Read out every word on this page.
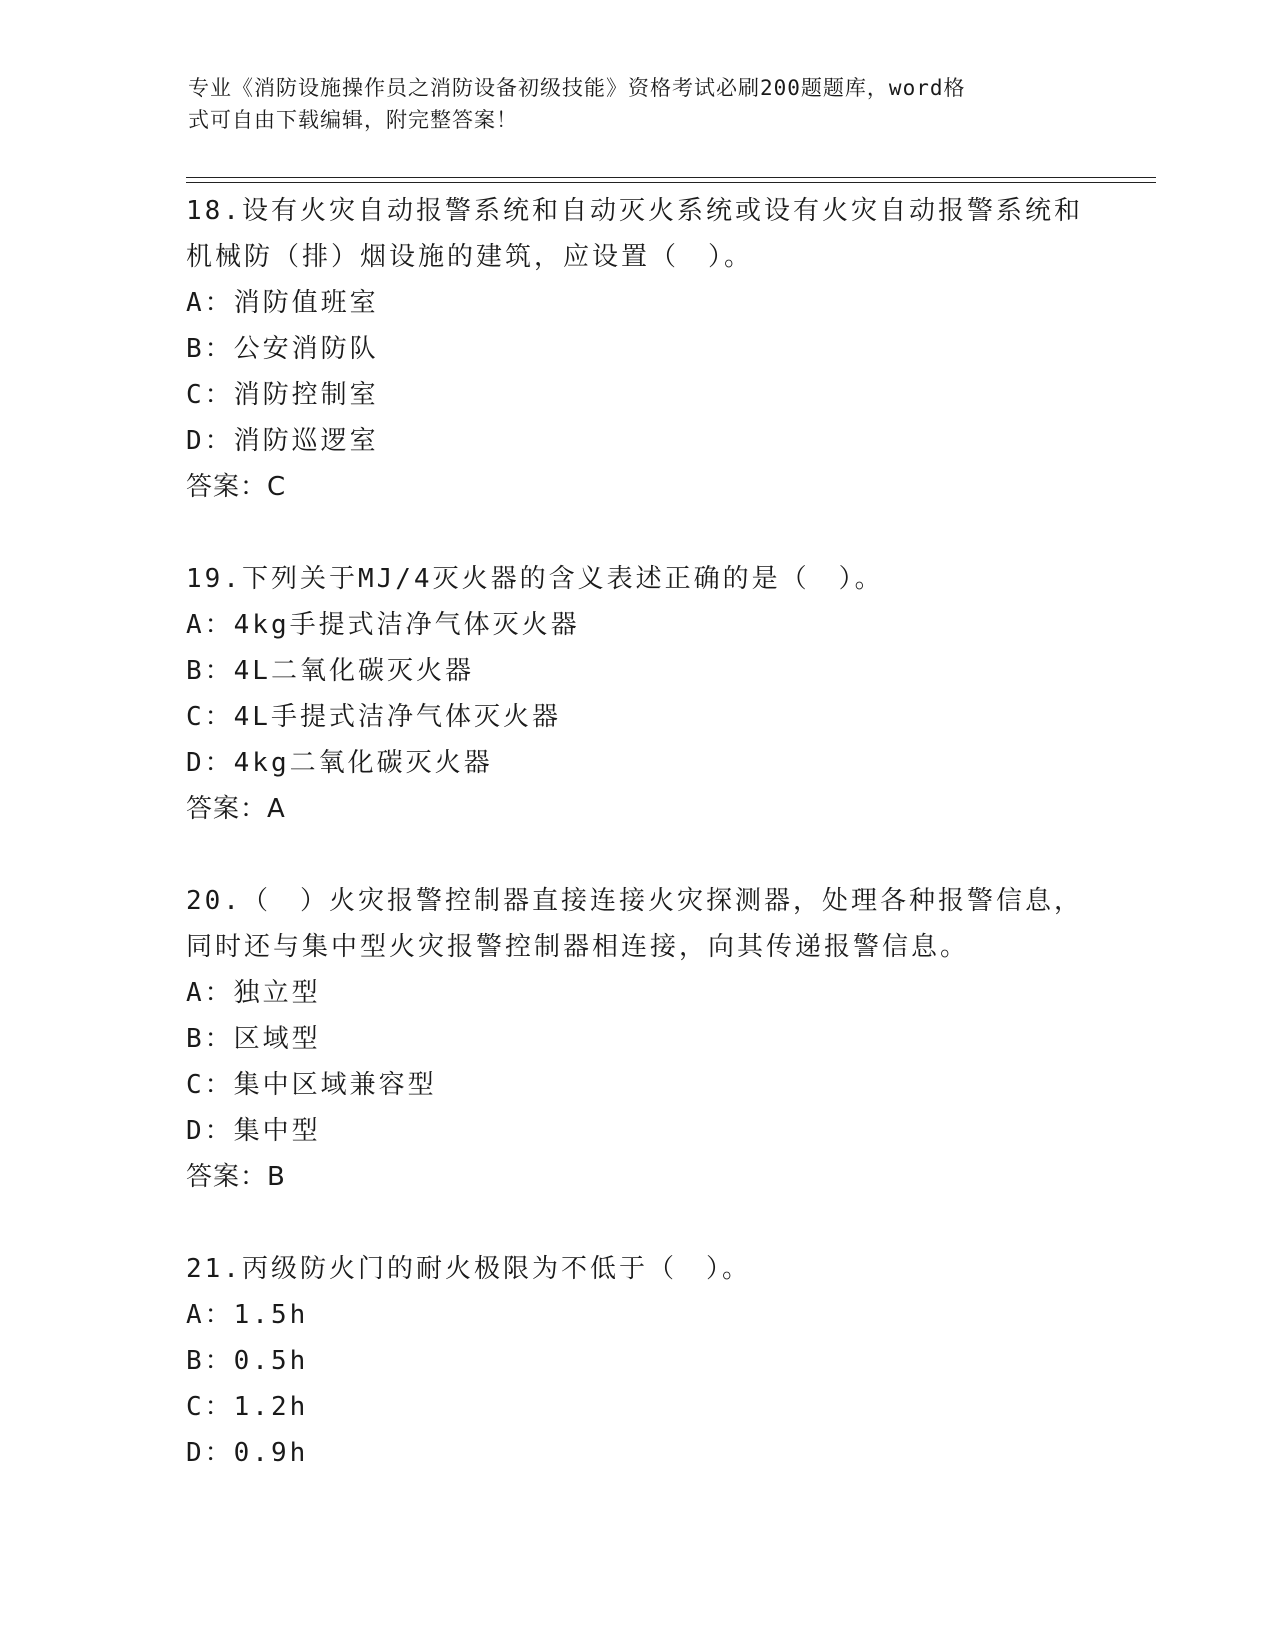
专业《消防设施操作员之消防设备初级技能》资格考试必刷200题题库，word格
式可自由下载编辑，附完整答案！

18.设有火灾自动报警系统和自动灭火系统或设有火灾自动报警系统和

机械防（排）烟设施的建筑，应设置（　）。

A：消防值班室

B：公安消防队

C：消防控制室

D：消防巡逻室

答案：C

19.下列关于MJ/4灭火器的含义表述正确的是（　）。

A：4kg手提式洁净气体灭火器

B：4L二氧化碳灭火器

C：4L手提式洁净气体灭火器

D：4kg二氧化碳灭火器

答案：A

20.（　）火灾报警控制器直接连接火灾探测器，处理各种报警信息，

同时还与集中型火灾报警控制器相连接，向其传递报警信息。

A：独立型

B：区域型

C：集中区域兼容型

D：集中型

答案：B

21.丙级防火门的耐火极限为不低于（　）。

A：1.5h

B：0.5h

C：1.2h

D：0.9h
